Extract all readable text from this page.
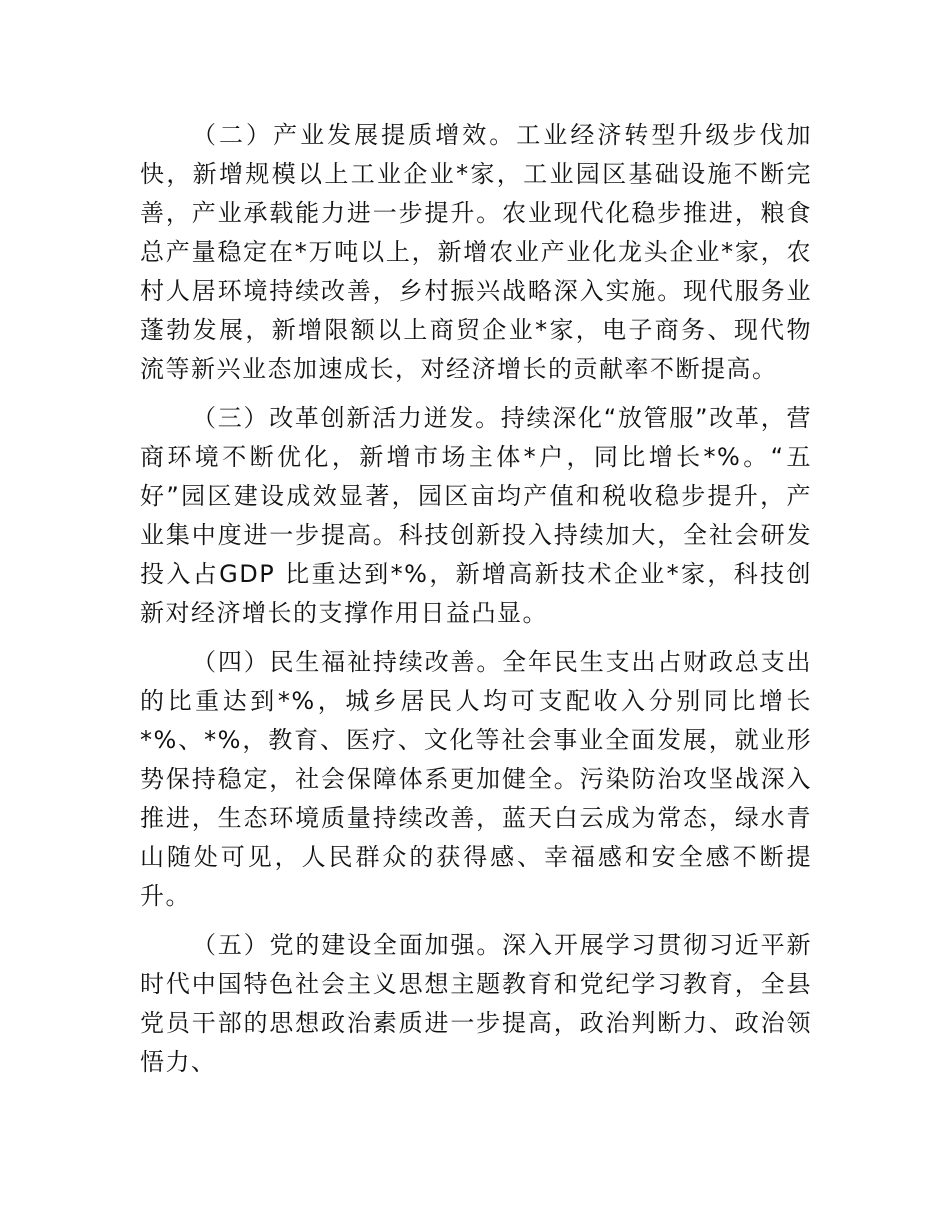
（二）产业发展提质增效。工业经济转型升级步伐加快，新增规模以上工业企业*家，工业园区基础设施不断完善，产业承载能力进一步提升。农业现代化稳步推进，粮食总产量稳定在*万吨以上，新增农业产业化龙头企业*家，农村人居环境持续改善，乡村振兴战略深入实施。现代服务业蓬勃发展，新增限额以上商贸企业*家，电子商务、现代物流等新兴业态加速成长，对经济增长的贡献率不断提高。

（三）改革创新活力迸发。持续深化“放管服”改革，营商环境不断优化，新增市场主体*户，同比增长*%。“五好”园区建设成效显著，园区亩均产值和税收稳步提升，产业集中度进一步提高。科技创新投入持续加大，全社会研发投入占GDP 比重达到*%，新增高新技术企业*家，科技创新对经济增长的支撑作用日益凸显。

（四）民生福祉持续改善。全年民生支出占财政总支出的比重达到*%，城乡居民人均可支配收入分别同比增长*%、*%，教育、医疗、文化等社会事业全面发展，就业形势保持稳定，社会保障体系更加健全。污染防治攻坚战深入推进，生态环境质量持续改善，蓝天白云成为常态，绿水青山随处可见，人民群众的获得感、幸福感和安全感不断提升。

（五）党的建设全面加强。深入开展学习贯彻习近平新时代中国特色社会主义思想主题教育和党纪学习教育，全县党员干部的思想政治素质进一步提高，政治判断力、政治领悟力、
